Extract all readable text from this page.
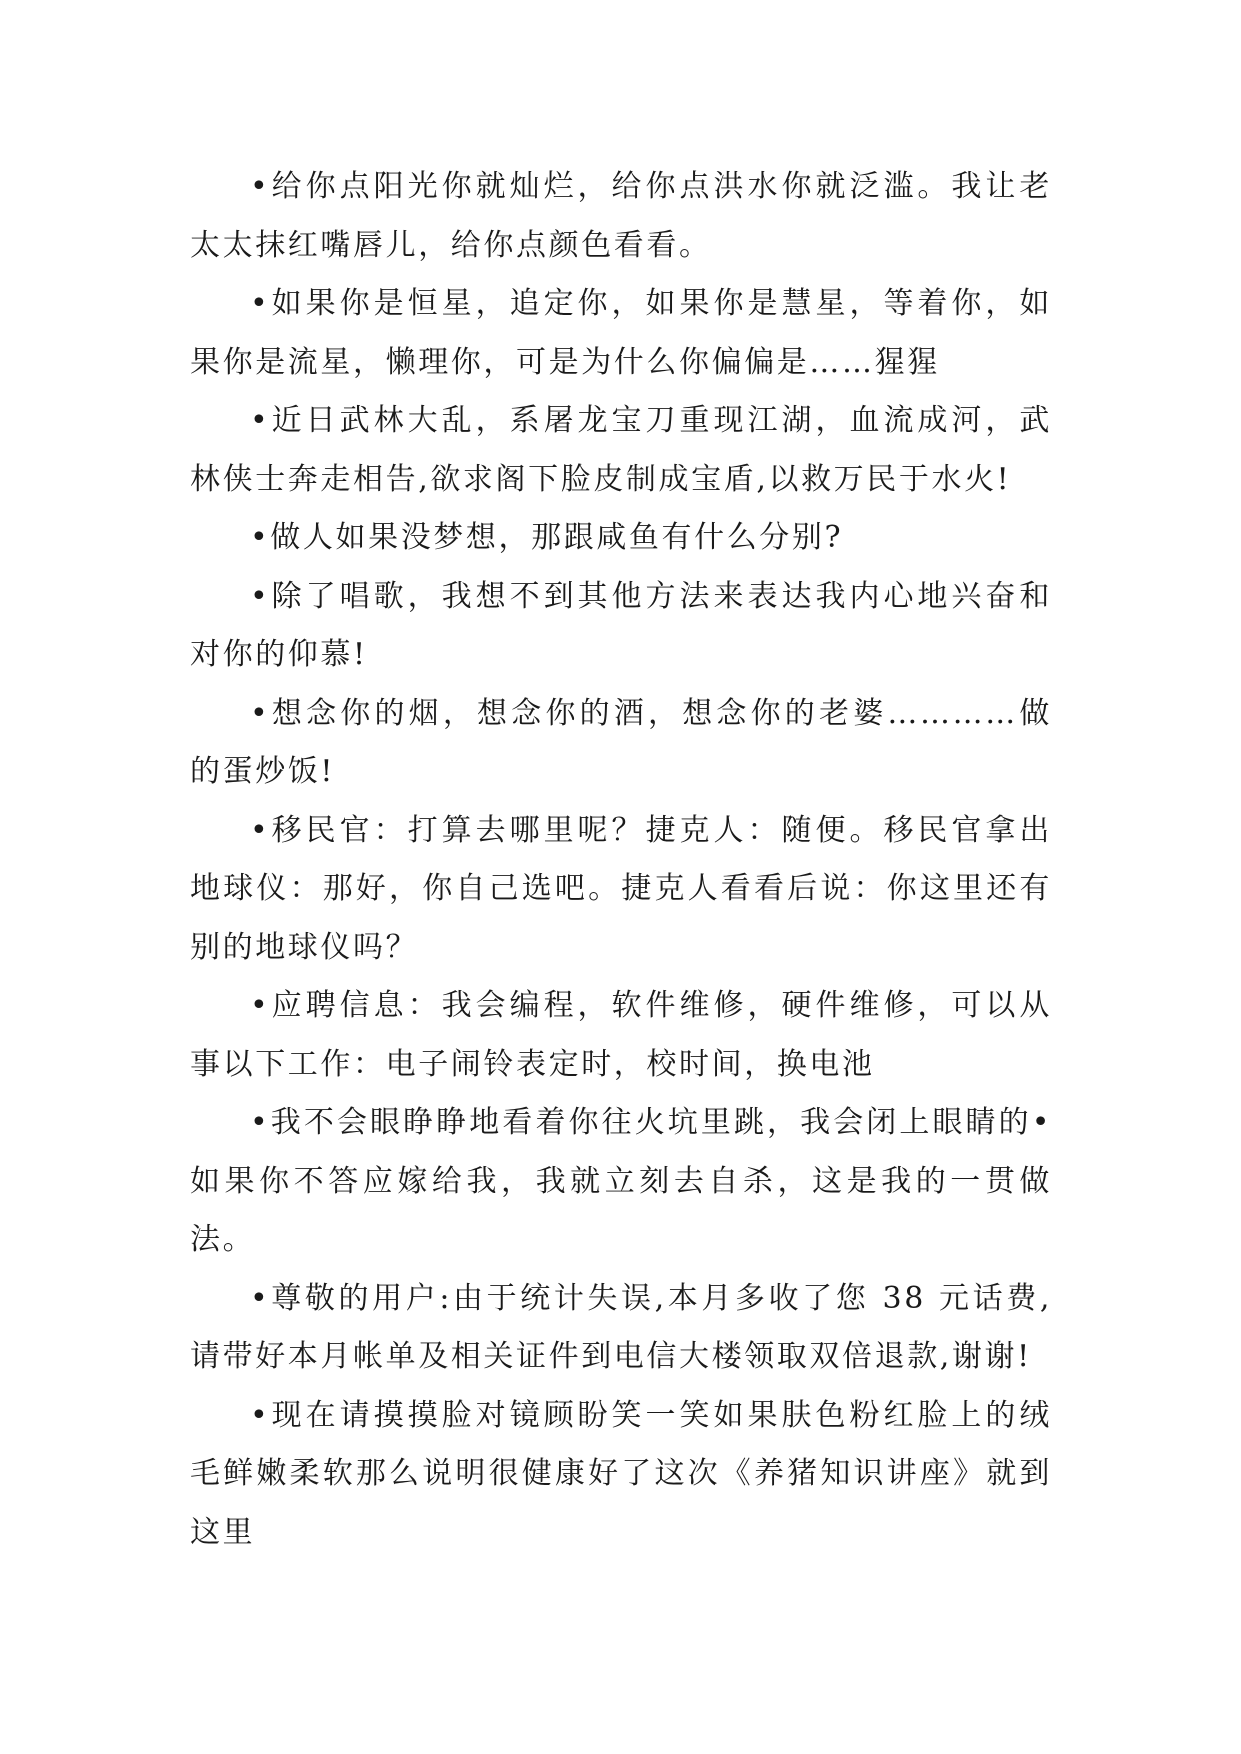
•给你点阳光你就灿烂，给你点洪水你就泛滥。我让老太太抹红嘴唇儿，给你点颜色看看。

•如果你是恒星，追定你，如果你是慧星，等着你，如果你是流星，懒理你，可是为什么你偏偏是……猩猩

•近日武林大乱，系屠龙宝刀重现江湖，血流成河，武林侠士奔走相告,欲求阁下脸皮制成宝盾,以救万民于水火!

•做人如果没梦想，那跟咸鱼有什么分别?

•除了唱歌，我想不到其他方法来表达我内心地兴奋和对你的仰慕!

•想念你的烟，想念你的酒，想念你的老婆…………做的蛋炒饭!

•移民官：打算去哪里呢？捷克人：随便。移民官拿出地球仪：那好，你自己选吧。捷克人看看后说：你这里还有别的地球仪吗？

•应聘信息：我会编程，软件维修，硬件维修，可以从事以下工作：电子闹铃表定时，校时间，换电池

•我不会眼睁睁地看着你往火坑里跳，我会闭上眼睛的•如果你不答应嫁给我，我就立刻去自杀，这是我的一贯做法。

•尊敬的用户:由于统计失误,本月多收了您 38 元话费,请带好本月帐单及相关证件到电信大楼领取双倍退款,谢谢!

•现在请摸摸脸对镜顾盼笑一笑如果肤色粉红脸上的绒毛鲜嫩柔软那么说明很健康好了这次《养猪知识讲座》就到这里
